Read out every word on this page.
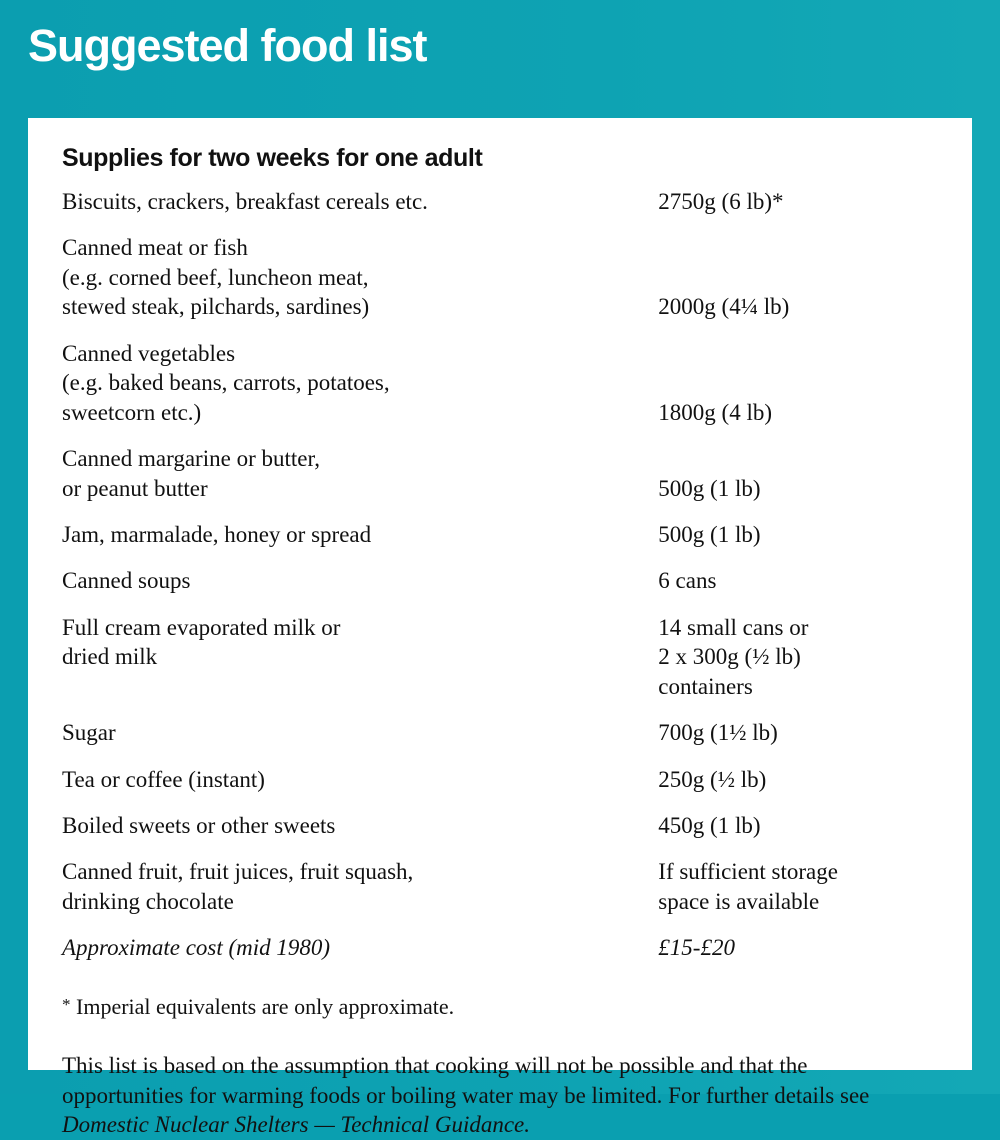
Suggested food list
Supplies for two weeks for one adult
Biscuits, crackers, breakfast cereals etc.	2750g (6 lb)*

Canned meat or fish
(e.g. corned beef, luncheon meat,
stewed steak, pilchards, sardines)	2000g (4¼ lb)

Canned vegetables
(e.g. baked beans, carrots, potatoes,
sweetcorn etc.)	1800g (4 lb)

Canned margarine or butter,
or peanut butter	500g (1 lb)

Jam, marmalade, honey or spread	500g (1 lb)

Canned soups	6 cans

Full cream evaporated milk or
dried milk	14 small cans or
2 x 300g (½ lb)
containers

Sugar	700g (1½ lb)

Tea or coffee (instant)	250g (½ lb)

Boiled sweets or other sweets	450g (1 lb)

Canned fruit, fruit juices, fruit squash,
drinking chocolate	If sufficient storage
space is available

Approximate cost (mid 1980)	£15-£20
* Imperial equivalents are only approximate.
This list is based on the assumption that cooking will not be possible and that the
opportunities for warming foods or boiling water may be limited. For further details see
Domestic Nuclear Shelters — Technical Guidance.
